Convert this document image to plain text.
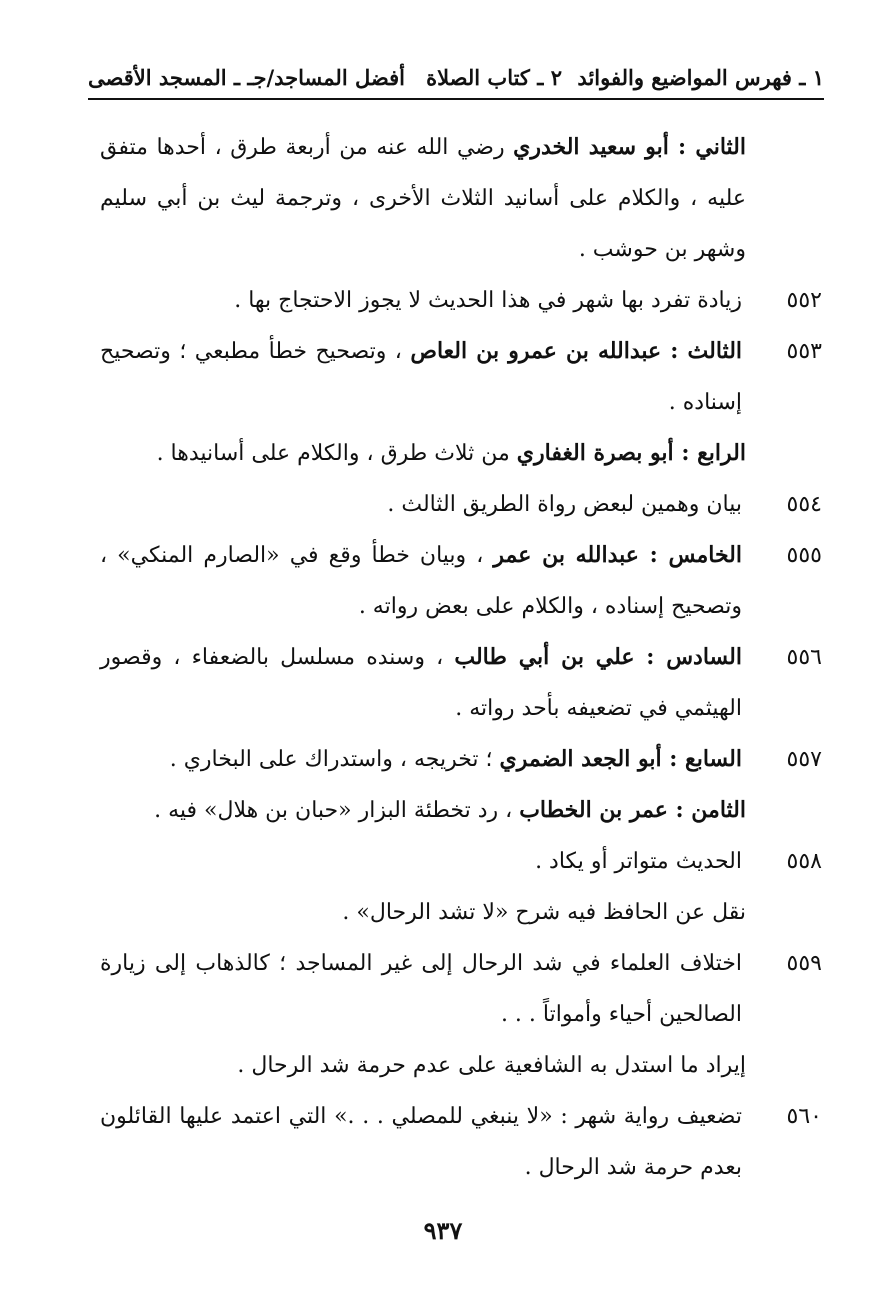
١ ـ فهرس المواضيع والفوائد
٢ ـ كتاب الصلاة
أفضل المساجد/جـ ـ المسجد الأقصى
الثاني : أبو سعيد الخدري رضي الله عنه من أربعة طرق ، أحدها متفق عليه ، والكلام على أسانيد الثلاث الأخرى ، وترجمة ليث بن أبي سليم وشهر بن حوشب .
٥٥٢
زيادة تفرد بها شهر في هذا الحديث لا يجوز الاحتجاج بها .
٥٥٣
الثالث : عبدالله بن عمرو بن العاص ، وتصحيح خطأ مطبعي ؛ وتصحيح إسناده .
الرابع : أبو بصرة الغفاري من ثلاث طرق ، والكلام على أسانيدها .
٥٥٤
بيان وهمين لبعض رواة الطريق الثالث .
٥٥٥
الخامس : عبدالله بن عمر ، وبيان خطأ وقع في «الصارم المنكي» ، وتصحيح إسناده ، والكلام على بعض رواته .
٥٥٦
السادس : علي بن أبي طالب ، وسنده مسلسل بالضعفاء ، وقصور الهيثمي في تضعيفه بأحد رواته .
٥٥٧
السابع : أبو الجعد الضمري ؛ تخريجه ، واستدراك على البخاري .
الثامن : عمر بن الخطاب ، رد تخطئة البزار «حبان بن هلال» فيه .
٥٥٨
الحديث متواتر أو يكاد .
نقل عن الحافظ فيه شرح «لا تشد الرحال» .
٥٥٩
اختلاف العلماء في شد الرحال إلى غير المساجد ؛ كالذهاب إلى زيارة الصالحين أحياء وأمواتاً . . .
إيراد ما استدل به الشافعية على عدم حرمة شد الرحال .
٥٦٠
تضعيف رواية شهر : «لا ينبغي للمصلي . . .» التي اعتمد عليها القائلون بعدم حرمة شد الرحال .
٩٣٧
